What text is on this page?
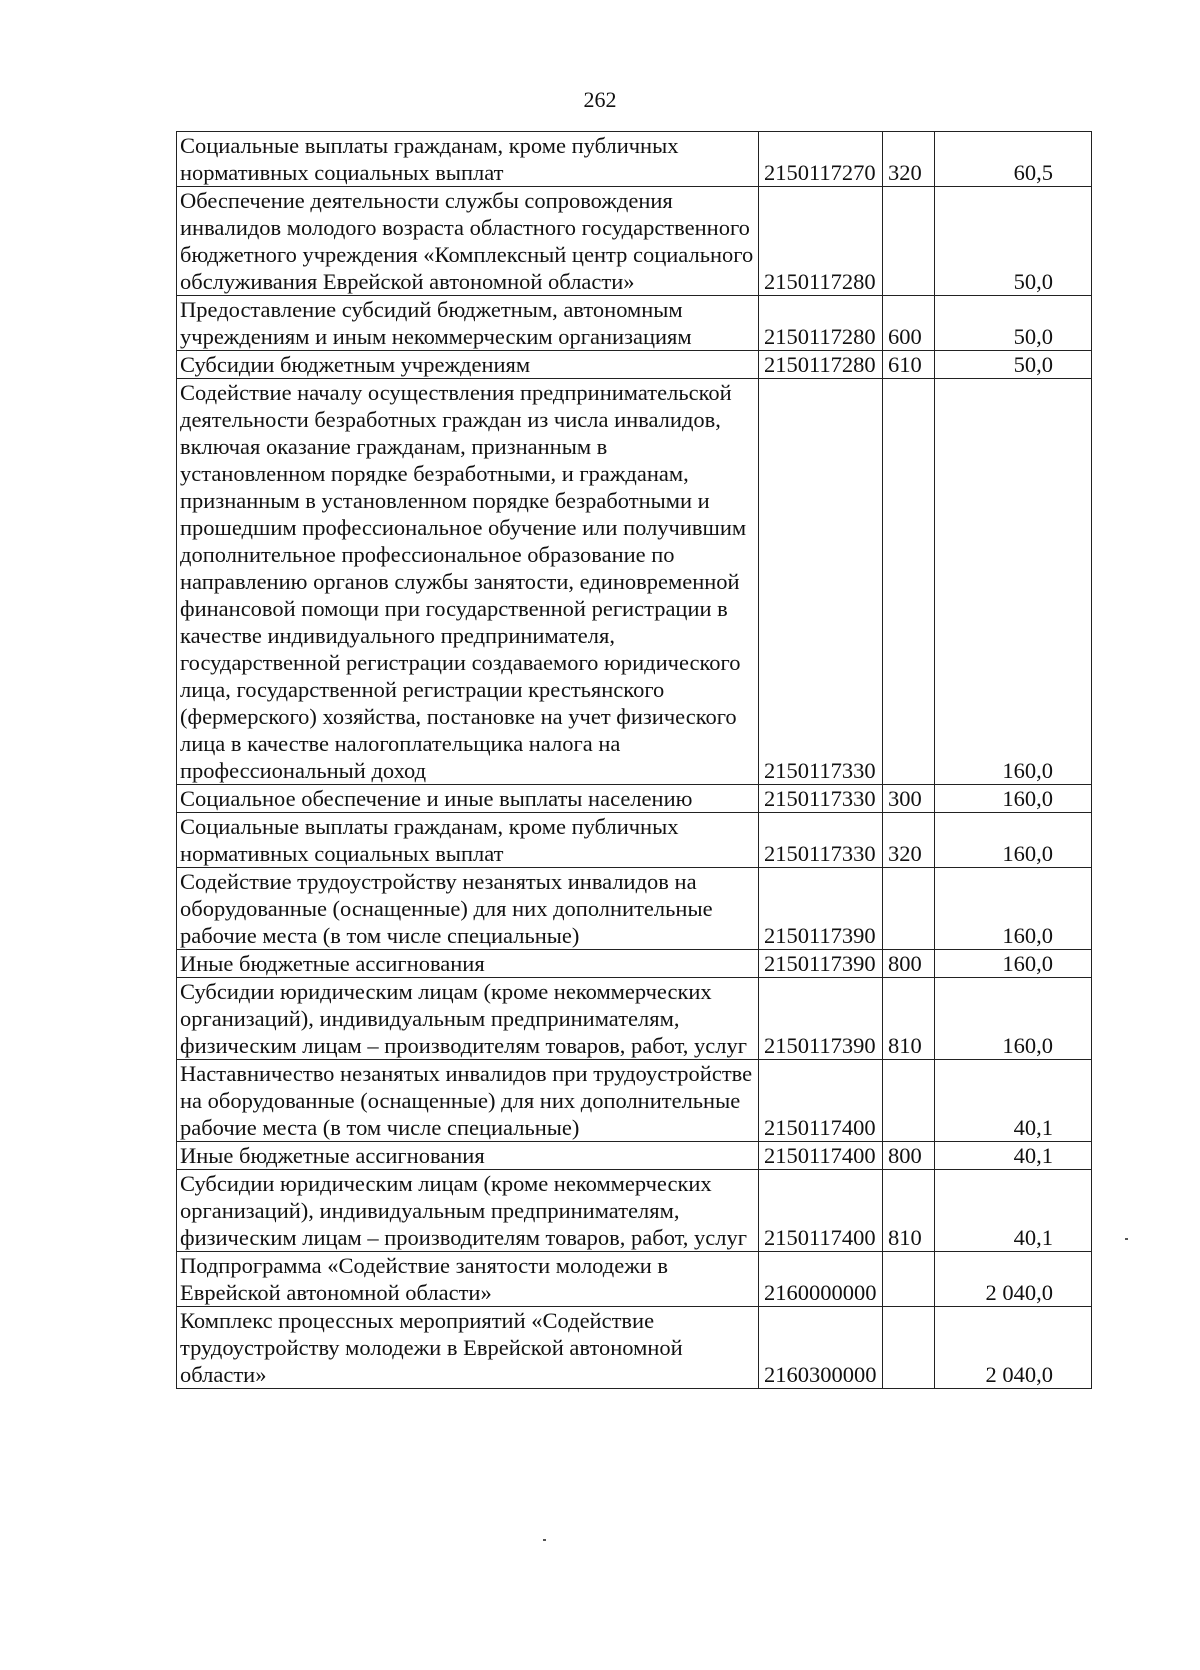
262
Социальные выплаты гражданам, кроме публичных нормативных социальных выплат	2150117270	320	60,5
Обеспечение деятельности службы сопровождения инвалидов молодого возраста областного государственного бюджетного учреждения «Комплексный центр социального обслуживания Еврейской автономной области»	2150117280		50,0
Предоставление субсидий бюджетным, автономным учреждениям и иным некоммерческим организациям	2150117280	600	50,0
Субсидии бюджетным учреждениям	2150117280	610	50,0
Содействие началу осуществления предпринимательской деятельности безработных граждан из числа инвалидов, включая оказание гражданам, признанным в установленном порядке безработными, и гражданам, признанным в установленном порядке безработными и прошедшим профессиональное обучение или получившим дополнительное профессиональное образование по направлению органов службы занятости, единовременной финансовой помощи при государственной регистрации в качестве индивидуального предпринимателя, государственной регистрации создаваемого юридического лица, государственной регистрации крестьянского (фермерского) хозяйства, постановке на учет физического лица в качестве налогоплательщика налога на профессиональный доход	2150117330		160,0
Социальное обеспечение и иные выплаты населению	2150117330	300	160,0
Социальные выплаты гражданам, кроме публичных нормативных социальных выплат	2150117330	320	160,0
Содействие трудоустройству незанятых инвалидов на оборудованные (оснащенные) для них дополнительные рабочие места (в том числе специальные)	2150117390		160,0
Иные бюджетные ассигнования	2150117390	800	160,0
Субсидии юридическим лицам (кроме некоммерческих организаций), индивидуальным предпринимателям, физическим лицам – производителям товаров, работ, услуг	2150117390	810	160,0
Наставничество незанятых инвалидов при трудоустройстве на оборудованные (оснащенные) для них дополнительные рабочие места (в том числе специальные)	2150117400		40,1
Иные бюджетные ассигнования	2150117400	800	40,1
Субсидии юридическим лицам (кроме некоммерческих организаций), индивидуальным предпринимателям, физическим лицам – производителям товаров, работ, услуг	2150117400	810	40,1
Подпрограмма «Содействие занятости молодежи в Еврейской автономной области»	2160000000		2 040,0
Комплекс процессных мероприятий «Содействие трудоустройству молодежи в Еврейской автономной области»	2160300000		2 040,0
